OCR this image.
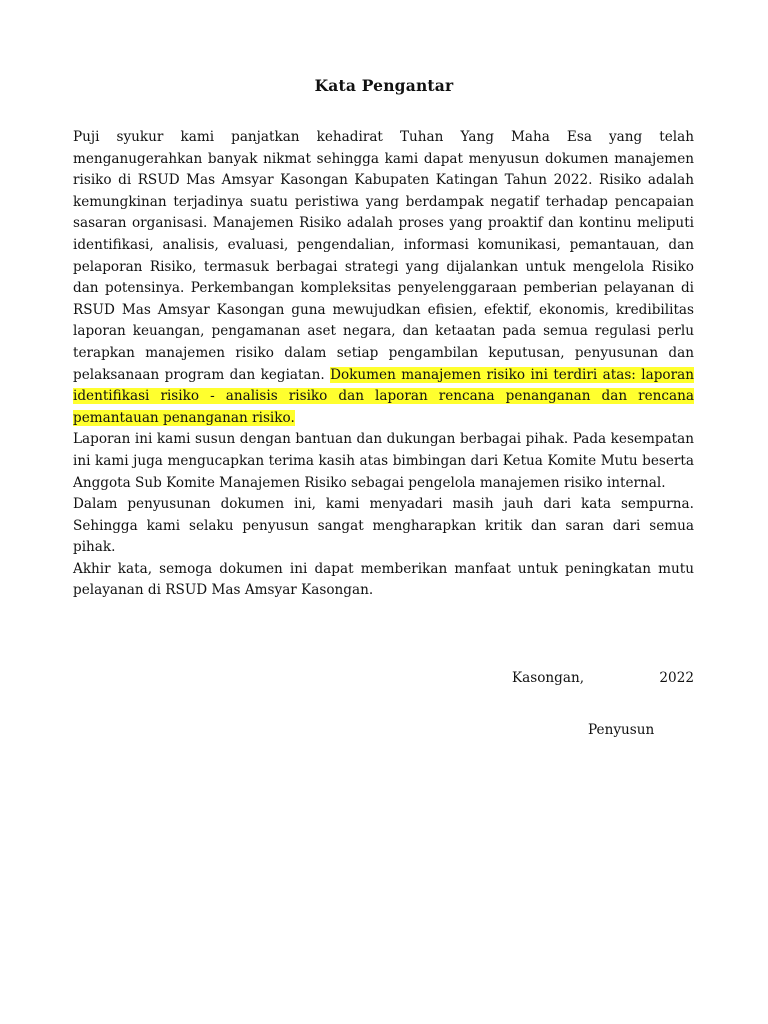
Kata Pengantar

Puji syukur kami panjatkan kehadirat Tuhan Yang Maha Esa yang telah menganugerahkan banyak nikmat sehingga kami dapat menyusun dokumen manajemen risiko di RSUD Mas Amsyar Kasongan Kabupaten Katingan Tahun 2022. Risiko adalah kemungkinan terjadinya suatu peristiwa yang berdampak negatif terhadap pencapaian sasaran organisasi. Manajemen Risiko adalah proses yang proaktif dan kontinu meliputi identifikasi, analisis, evaluasi, pengendalian, informasi komunikasi, pemantauan, dan pelaporan Risiko, termasuk berbagai strategi yang dijalankan untuk mengelola Risiko dan potensinya. Perkembangan kompleksitas penyelenggaraan pemberian pelayanan di RSUD Mas Amsyar Kasongan guna mewujudkan efisien, efektif, ekonomis, kredibilitas laporan keuangan, pengamanan aset negara, dan ketaatan pada semua regulasi perlu terapkan manajemen risiko dalam setiap pengambilan keputusan, penyusunan dan pelaksanaan program dan kegiatan. Dokumen manajemen risiko ini terdiri atas: laporan identifikasi risiko - analisis risiko dan laporan rencana penanganan dan rencana pemantauan penanganan risiko.

Laporan ini kami susun dengan bantuan dan dukungan berbagai pihak. Pada kesempatan ini kami juga mengucapkan terima kasih atas bimbingan dari Ketua Komite Mutu beserta Anggota Sub Komite Manajemen Risiko sebagai pengelola manajemen risiko internal.

Dalam penyusunan dokumen ini, kami menyadari masih jauh dari kata sempurna. Sehingga kami selaku penyusun sangat mengharapkan kritik dan saran dari semua pihak.

Akhir kata, semoga dokumen ini dapat memberikan manfaat untuk peningkatan mutu pelayanan di RSUD Mas Amsyar Kasongan.

Kasongan,	2022
Penyusun
